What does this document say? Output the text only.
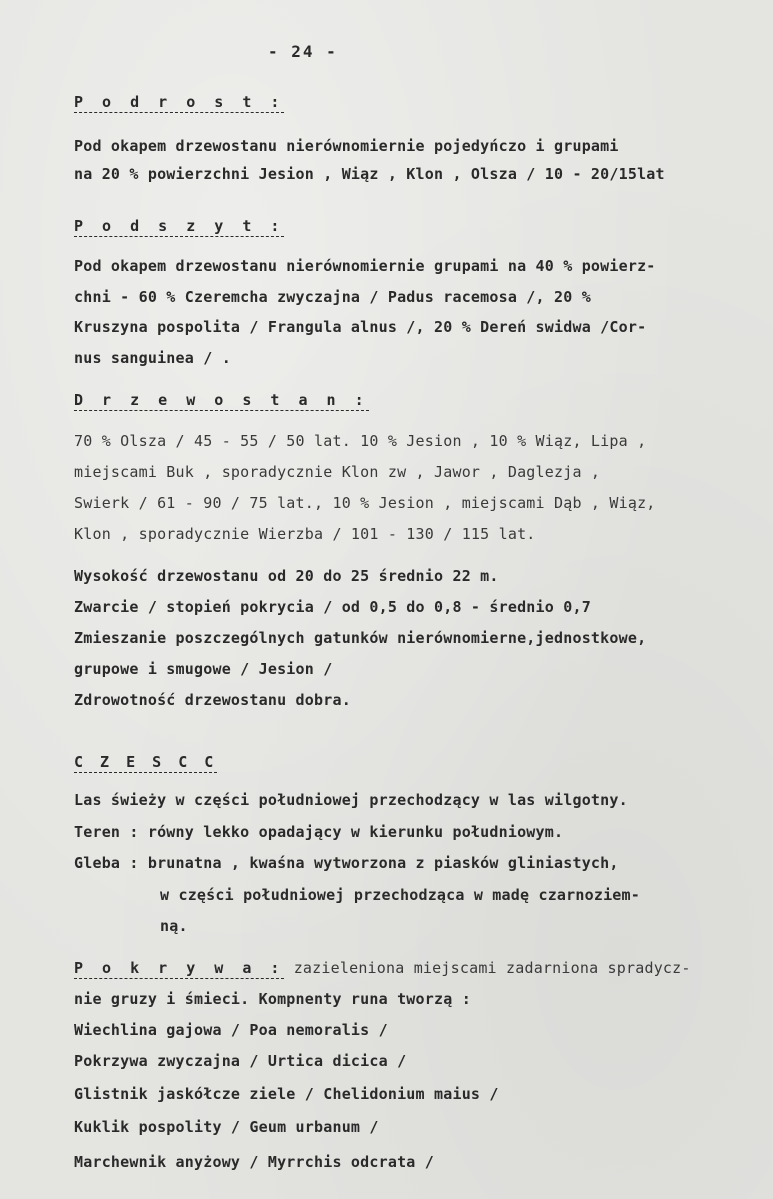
- 24 -
P o d r o s t :
Pod okapem drzewostanu nierównomiernie pojedyńczo i grupami
na 20 % powierzchni Jesion , Wiąz , Klon , Olsza / 10 - 20/15lat
P o d s z y t :
Pod okapem drzewostanu nierównomiernie grupami na 40 % powierz-
chni - 60 % Czeremcha zwyczajna / Padus racemosa /, 20 %
Kruszyna pospolita / Frangula alnus /, 20 % Dereń swidwa /Cor-
nus sanguinea / .
D r z e w o s t a n :
70 % Olsza / 45 - 55 / 50 lat. 10 % Jesion , 10 % Wiąz, Lipa ,
miejscami Buk , sporadycznie Klon zw , Jawor , Daglezja ,
Swierk / 61 - 90 / 75 lat., 10 % Jesion , miejscami Dąb , Wiąz,
Klon , sporadycznie Wierzba / 101 - 130 / 115 lat.
Wysokość drzewostanu od 20 do 25 średnio 22 m.
Zwarcie / stopień pokrycia / od 0,5 do 0,8 - średnio 0,7
Zmieszanie poszczególnych gatunków nierównomierne,jednostkowe,
grupowe i smugowe / Jesion /
Zdrowotność drzewostanu dobra.
C Z E S C C
Las świeży w części południowej przechodzący w las wilgotny.
Teren : równy lekko opadający w kierunku południowym.
Gleba : brunatna , kwaśna wytworzona z piasków gliniastych,
w części południowej przechodząca w madę czarnoziem-
ną.
P o k r y w a : zazieleniona miejscami zadarniona spradycz-
nie gruzy i śmieci. Kompnenty runa tworzą :
Wiechlina gajowa / Poa nemoralis /
Pokrzywa zwyczajna / Urtica dicica /
Glistnik jaskółcze ziele / Chelidonium maius /
Kuklik pospolity / Geum urbanum /
Marchewnik anyżowy / Myrrchis odcrata /
